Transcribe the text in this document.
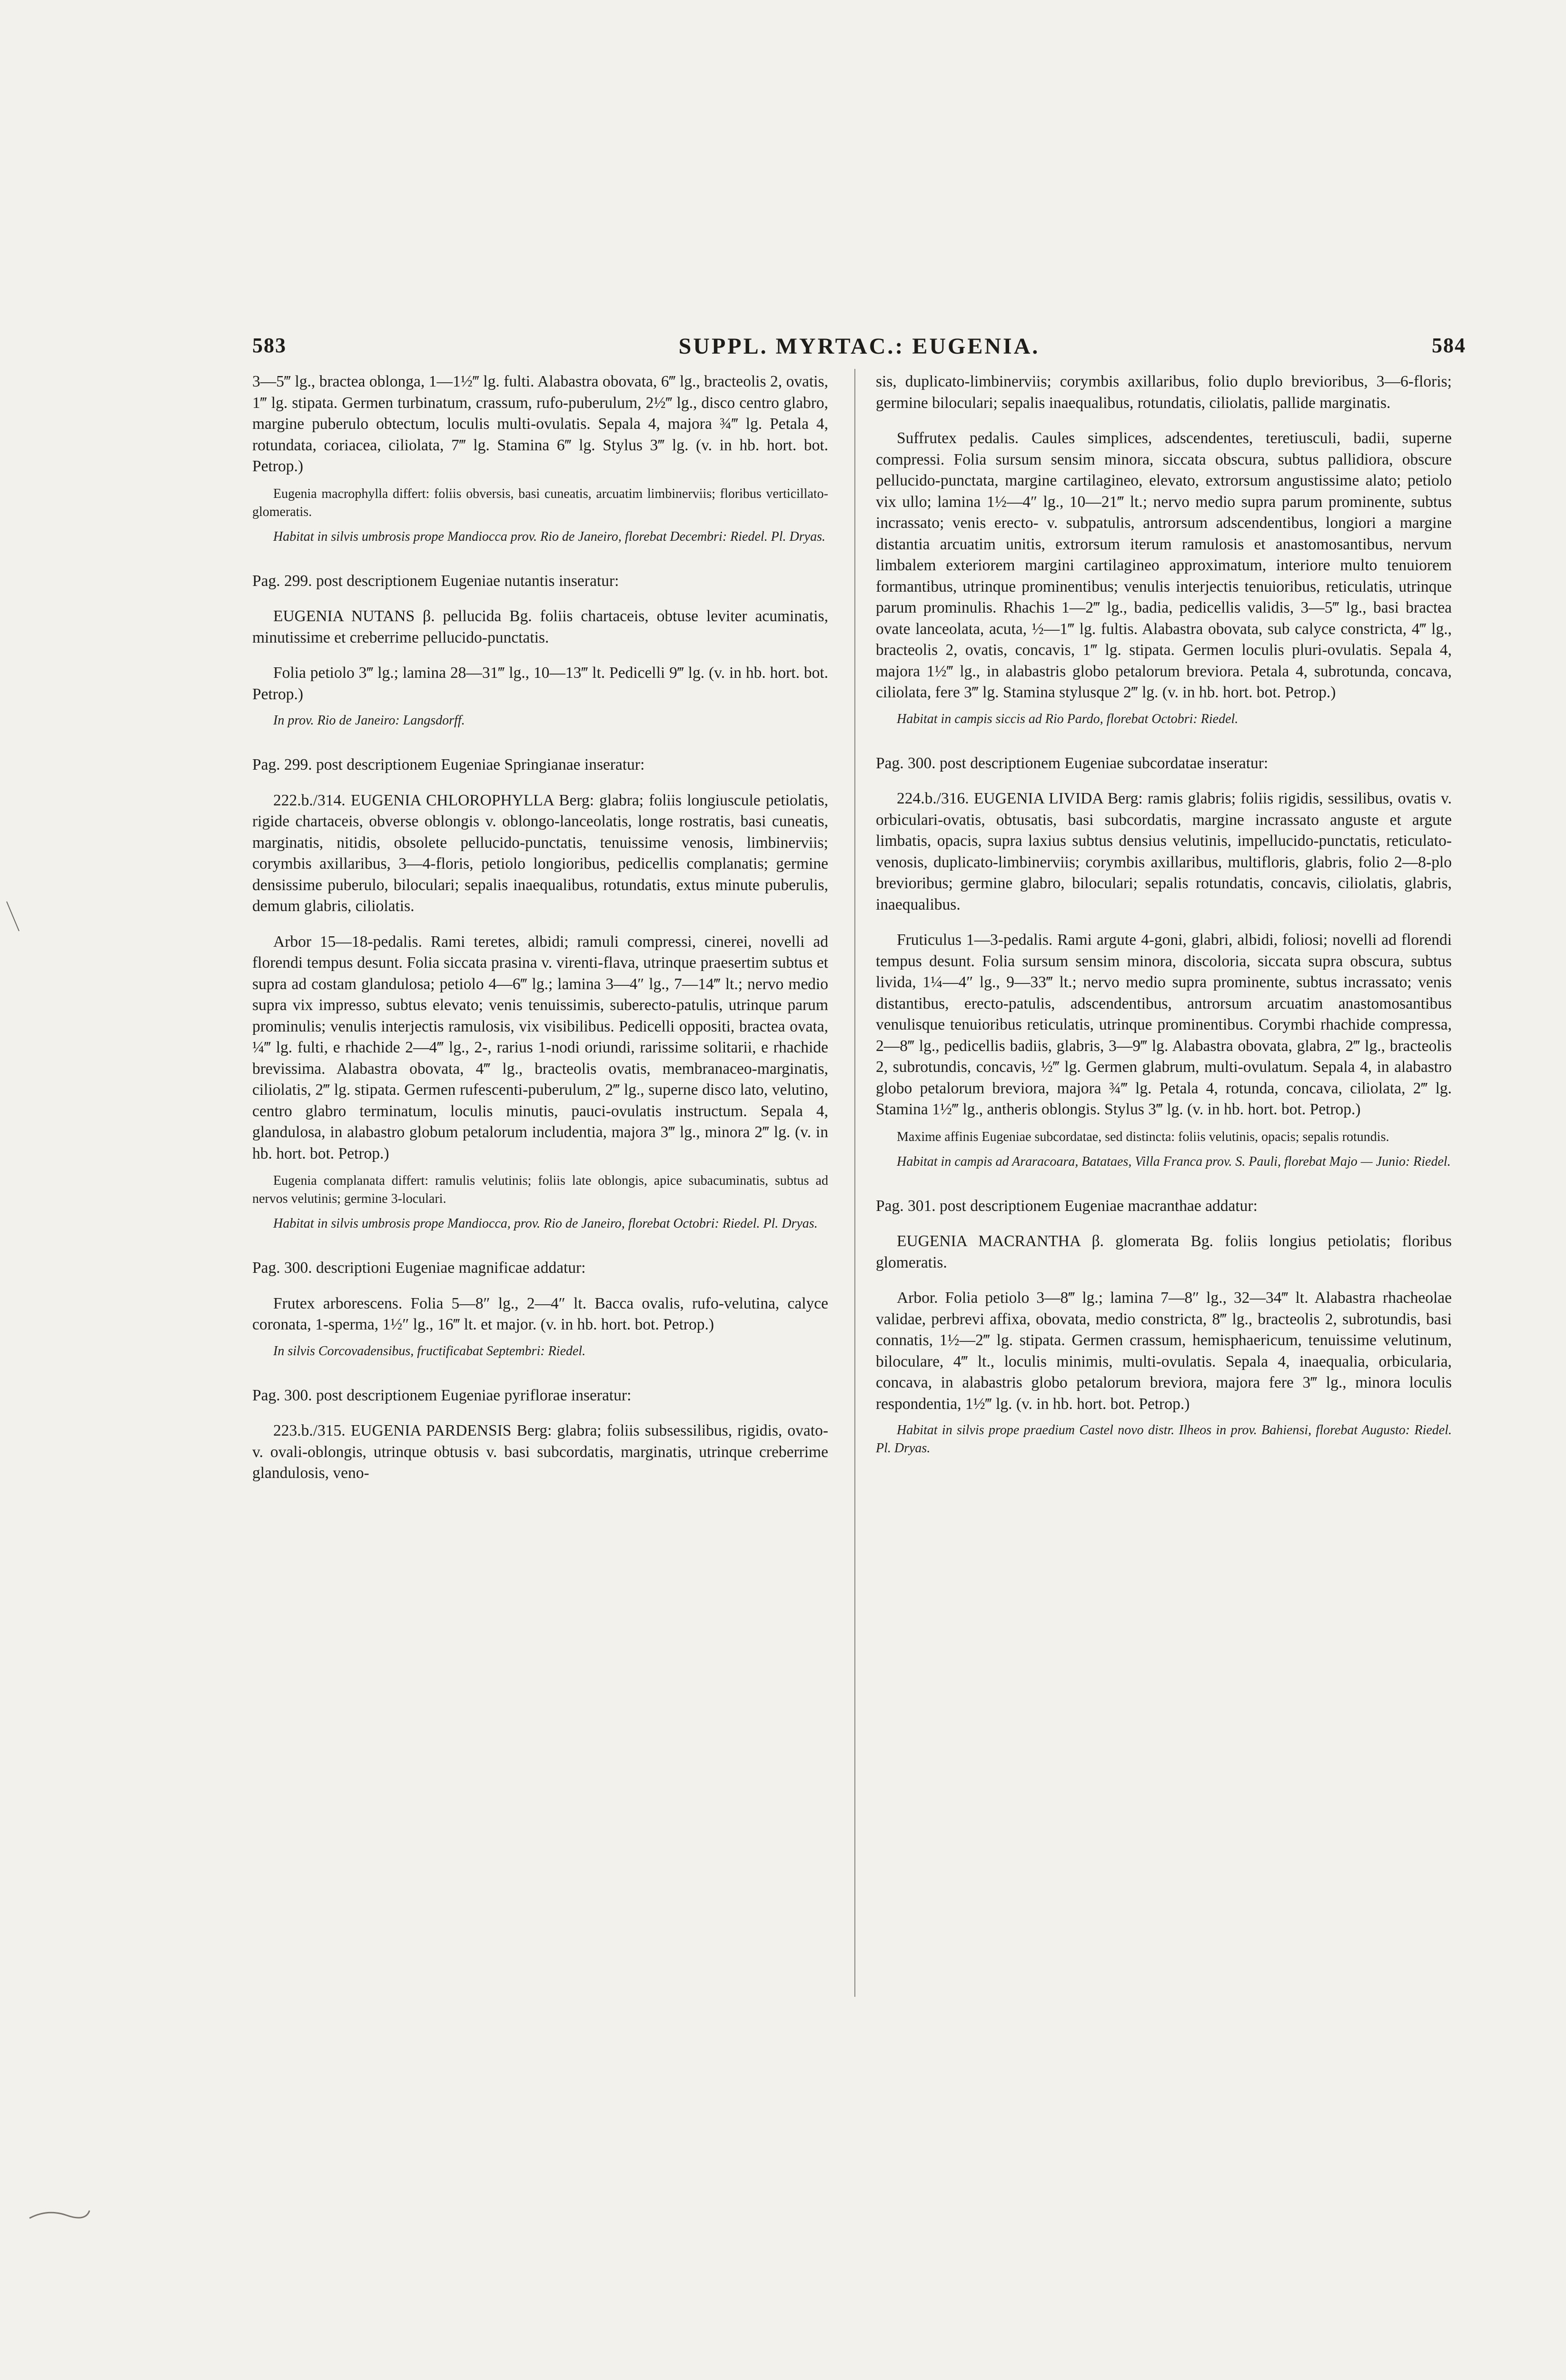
583	SUPPL. MYRTAC.: EUGENIA.	584

3—5‴ lg., bractea oblonga, 1—1½‴ lg. fulti. Alabastra obovata, 6‴ lg., bracteolis 2, ovatis, 1‴ lg. stipata. Germen turbinatum, crassum, rufo-puberulum, 2½‴ lg., disco centro glabro, margine puberulo obtectum, loculis multi-ovulatis. Sepala 4, majora ¾‴ lg. Petala 4, rotundata, coriacea, ciliolata, 7‴ lg. Stamina 6‴ lg. Stylus 3‴ lg. (v. in hb. hort. bot. Petrop.)

Eugenia macrophylla differt: foliis obversis, basi cuneatis, arcuatim limbinerviis; floribus verticillato-glomeratis.

Habitat in silvis umbrosis prope Mandiocca prov. Rio de Janeiro, florebat Decembri: Riedel. Pl. Dryas.

Pag. 299. post descriptionem Eugeniae nutantis inseratur:

EUGENIA NUTANS β. pellucida Bg. foliis chartaceis, obtuse leviter acuminatis, minutissime et creberrime pellucido-punctatis.

Folia petiolo 3‴ lg.; lamina 28—31‴ lg., 10—13‴ lt. Pedicelli 9‴ lg. (v. in hb. hort. bot. Petrop.)

In prov. Rio de Janeiro: Langsdorff.

Pag. 299. post descriptionem Eugeniae Springianae inseratur:

222.b./314. EUGENIA CHLOROPHYLLA Berg: glabra; foliis longiuscule petiolatis, rigide chartaceis, obverse oblongis v. oblongo-lanceolatis, longe rostratis, basi cuneatis, marginatis, nitidis, obsolete pellucido-punctatis, tenuissime venosis, limbinerviis; corymbis axillaribus, 3—4-floris, petiolo longioribus, pedicellis complanatis; germine densissime puberulo, biloculari; sepalis inaequalibus, rotundatis, extus minute puberulis, demum glabris, ciliolatis.

Arbor 15—18-pedalis. Rami teretes, albidi; ramuli compressi, cinerei, novelli ad florendi tempus desunt. Folia siccata prasina v. virenti-flava, utrinque praesertim subtus et supra ad costam glandulosa; petiolo 4—6‴ lg.; lamina 3—4″ lg., 7—14‴ lt.; nervo medio supra vix impresso, subtus elevato; venis tenuissimis, suberecto-patulis, utrinque parum prominulis; venulis interjectis ramulosis, vix visibilibus. Pedicelli oppositi, bractea ovata, ¼‴ lg. fulti, e rhachide 2—4‴ lg., 2-, rarius 1-nodi oriundi, rarissime solitarii, e rhachide brevissima. Alabastra obovata, 4‴ lg., bracteolis ovatis, membranaceo-marginatis, ciliolatis, 2‴ lg. stipata. Germen rufescenti-puberulum, 2‴ lg., superne disco lato, velutino, centro glabro terminatum, loculis minutis, pauci-ovulatis instructum. Sepala 4, glandulosa, in alabastro globum petalorum includentia, majora 3‴ lg., minora 2‴ lg. (v. in hb. hort. bot. Petrop.)

Eugenia complanata differt: ramulis velutinis; foliis late oblongis, apice subacuminatis, subtus ad nervos velutinis; germine 3-loculari.

Habitat in silvis umbrosis prope Mandiocca, prov. Rio de Janeiro, florebat Octobri: Riedel. Pl. Dryas.

Pag. 300. descriptioni Eugeniae magnificae addatur:

Frutex arborescens. Folia 5—8″ lg., 2—4″ lt. Bacca ovalis, rufo-velutina, calyce coronata, 1-sperma, 1½″ lg., 16‴ lt. et major. (v. in hb. hort. bot. Petrop.)

In silvis Corcovadensibus, fructificabat Septembri: Riedel.

Pag. 300. post descriptionem Eugeniae pyriflorae inseratur:

223.b./315. EUGENIA PARDENSIS Berg: glabra; foliis subsessilibus, rigidis, ovato- v. ovali-oblongis, utrinque obtusis v. basi subcordatis, marginatis, utrinque creberrime glandulosis, veno-

sis, duplicato-limbinerviis; corymbis axillaribus, folio duplo brevioribus, 3—6-floris; germine biloculari; sepalis inaequalibus, rotundatis, ciliolatis, pallide marginatis.

Suffrutex pedalis. Caules simplices, adscendentes, teretiusculi, badii, superne compressi. Folia sursum sensim minora, siccata obscura, subtus pallidiora, obscure pellucido-punctata, margine cartilagineo, elevato, extrorsum angustissime alato; petiolo vix ullo; lamina 1½—4″ lg., 10—21‴ lt.; nervo medio supra parum prominente, subtus incrassato; venis erecto- v. subpatulis, antrorsum adscendentibus, longiori a margine distantia arcuatim unitis, extrorsum iterum ramulosis et anastomosantibus, nervum limbalem exteriorem margini cartilagineo approximatum, interiore multo tenuiorem formantibus, utrinque prominentibus; venulis interjectis tenuioribus, reticulatis, utrinque parum prominulis. Rhachis 1—2‴ lg., badia, pedicellis validis, 3—5‴ lg., basi bractea ovate lanceolata, acuta, ½—1‴ lg. fultis. Alabastra obovata, sub calyce constricta, 4‴ lg., bracteolis 2, ovatis, concavis, 1‴ lg. stipata. Germen loculis pluri-ovulatis. Sepala 4, majora 1½‴ lg., in alabastris globo petalorum breviora. Petala 4, subrotunda, concava, ciliolata, fere 3‴ lg. Stamina stylusque 2‴ lg. (v. in hb. hort. bot. Petrop.)

Habitat in campis siccis ad Rio Pardo, florebat Octobri: Riedel.

Pag. 300. post descriptionem Eugeniae subcordatae inseratur:

224.b./316. EUGENIA LIVIDA Berg: ramis glabris; foliis rigidis, sessilibus, ovatis v. orbiculari-ovatis, obtusatis, basi subcordatis, margine incrassato anguste et argute limbatis, opacis, supra laxius subtus densius velutinis, impellucido-punctatis, reticulato-venosis, duplicato-limbinerviis; corymbis axillaribus, multifloris, glabris, folio 2—8-plo brevioribus; germine glabro, bilocularі; sepalis rotundatis, concavis, ciliolatis, glabris, inaequalibus.

Fruticulus 1—3-pedalis. Rami argute 4-goni, glabri, albidi, foliosi; novelli ad florendi tempus desunt. Folia sursum sensim minora, discoloria, siccata supra obscura, subtus livida, 1¼—4″ lg., 9—33‴ lt.; nervo medio supra prominente, subtus incrassato; venis distantibus, erecto-patulis, adscendentibus, antrorsum arcuatim anastomosantibus venulisque tenuioribus reticulatis, utrinque prominentibus. Corymbi rhachide compressa, 2—8‴ lg., pedicellis badiis, glabris, 3—9‴ lg. Alabastra obovata, glabra, 2‴ lg., bracteolis 2, subrotundis, concavis, ½‴ lg. Germen glabrum, multi-ovulatum. Sepala 4, in alabastro globo petalorum breviora, majora ¾‴ lg. Petala 4, rotunda, concava, ciliolata, 2‴ lg. Stamina 1½‴ lg., antheris oblongis. Stylus 3‴ lg. (v. in hb. hort. bot. Petrop.)

Maxime affinis Eugeniae subcordatae, sed distincta: foliis velutinis, opacis; sepalis rotundis.

Habitat in campis ad Araracoara, Batataes, Villa Franca prov. S. Pauli, florebat Majo — Junio: Riedel.

Pag. 301. post descriptionem Eugeniae macranthae addatur:

EUGENIA MACRANTHA β. glomerata Bg. foliis longius petiolatis; floribus glomeratis.

Arbor. Folia petiolo 3—8‴ lg.; lamina 7—8″ lg., 32—34‴ lt. Alabastra rhacheolae validae, perbrevi affixa, obovata, medio constricta, 8‴ lg., bracteolis 2, subrotundis, basi connatis, 1½—2‴ lg. stipata. Germen crassum, hemisphaericum, tenuissime velutinum, biloculare, 4‴ lt., loculis minimis, multi-ovulatis. Sepala 4, inaequalia, orbicularia, concava, in alabastris globo petalorum breviora, majora fere 3‴ lg., minora loculis respondentia, 1½‴ lg. (v. in hb. hort. bot. Petrop.)

Habitat in silvis prope praedium Castel novo distr. Ilheos in prov. Bahiensi, florebat Augusto: Riedel. Pl. Dryas.
